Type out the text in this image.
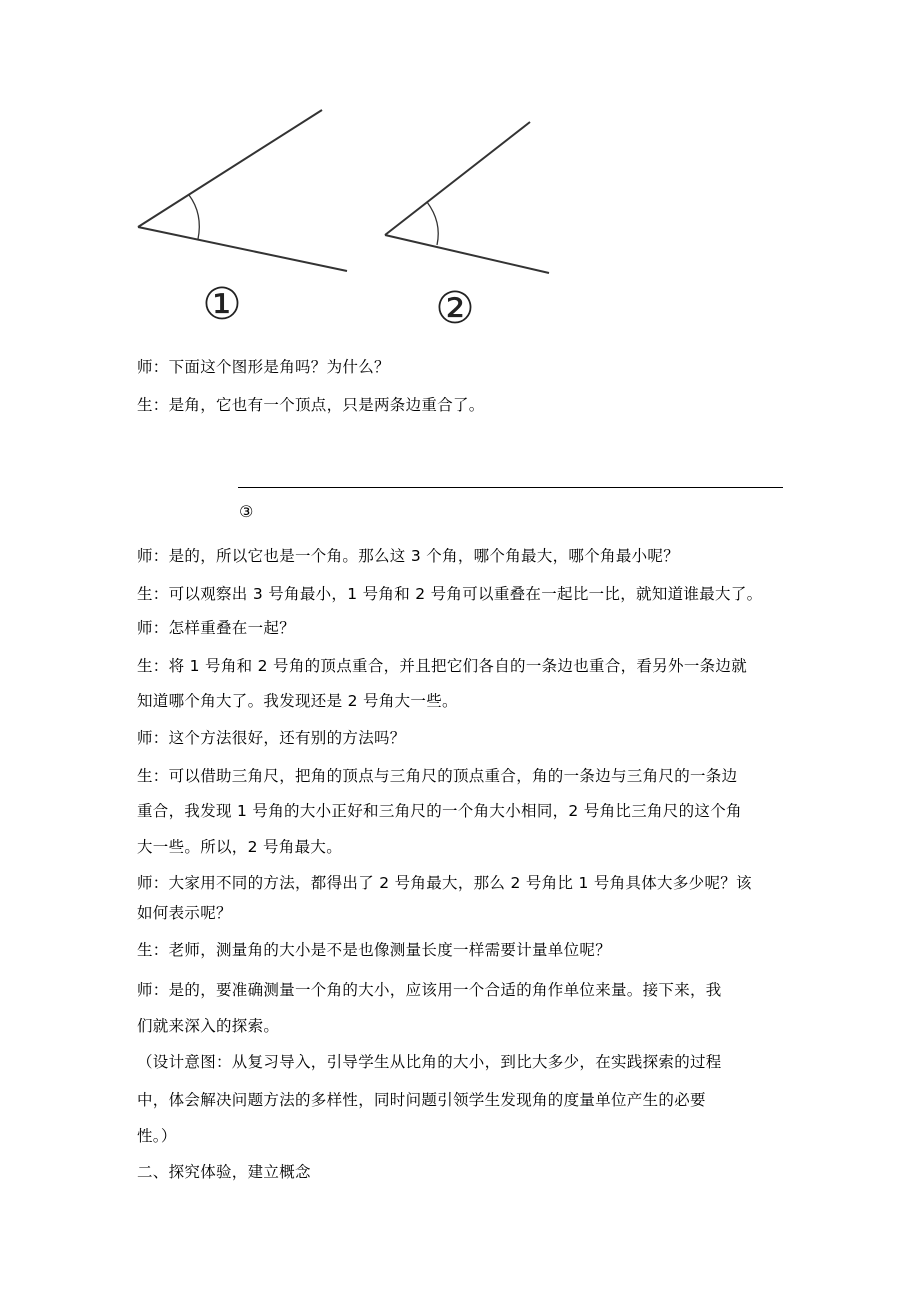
①	②
③
师：下面这个图形是角吗？为什么？
生：是角，它也有一个顶点，只是两条边重合了。
师：是的，所以它也是一个角。那么这 3 个角，哪个角最大，哪个角最小呢？
生：可以观察出 3 号角最小，1 号角和 2 号角可以重叠在一起比一比，就知道谁最大了。
师：怎样重叠在一起？
生：将 1 号角和 2 号角的顶点重合，并且把它们各自的一条边也重合，看另外一条边就
知道哪个角大了。我发现还是 2 号角大一些。
师：这个方法很好，还有别的方法吗？
生：可以借助三角尺，把角的顶点与三角尺的顶点重合，角的一条边与三角尺的一条边
重合，我发现 1 号角的大小正好和三角尺的一个角大小相同，2 号角比三角尺的这个角
大一些。所以，2 号角最大。
师：大家用不同的方法，都得出了 2 号角最大，那么 2 号角比 1 号角具体大多少呢？该
如何表示呢？
生：老师，测量角的大小是不是也像测量长度一样需要计量单位呢？
师：是的，要准确测量一个角的大小，应该用一个合适的角作单位来量。接下来，我
们就来深入的探索。
（设计意图：从复习导入，引导学生从比角的大小，到比大多少，在实践探索的过程
中，体会解决问题方法的多样性，同时问题引领学生发现角的度量单位产生的必要
性。）
二、探究体验，建立概念
